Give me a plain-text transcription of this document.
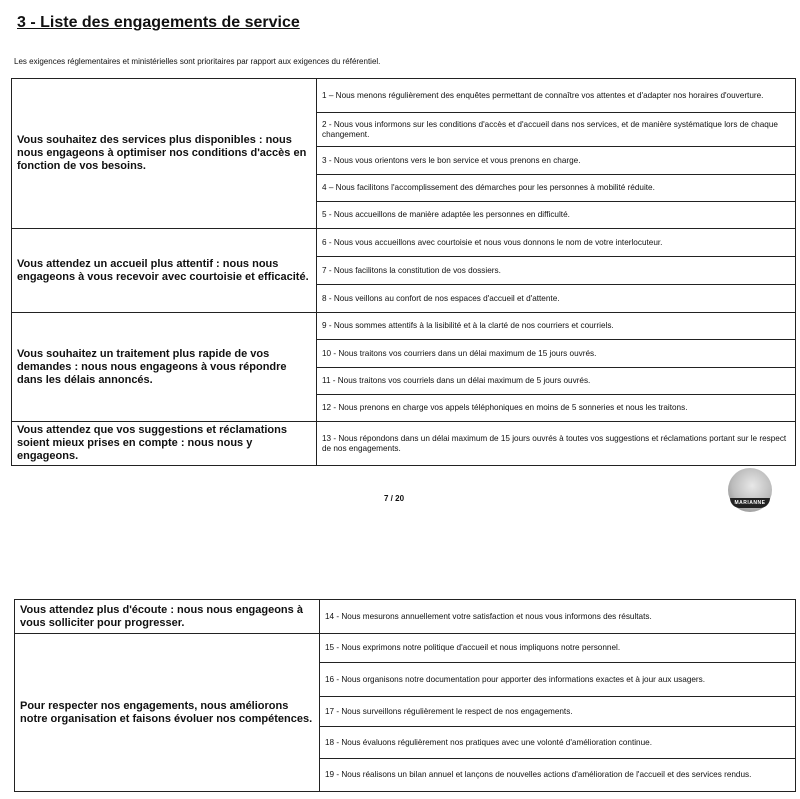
3 - Liste des engagements de service
Les exigences réglementaires et ministérielles sont prioritaires par rapport aux exigences du référentiel.
Vous souhaitez des services plus disponibles : nous nous engageons à optimiser nos conditions d'accès en fonction de vos besoins.	1 – Nous menons régulièrement des enquêtes permettant de connaître vos attentes et d'adapter nos horaires d'ouverture.
	2 - Nous vous informons sur les conditions d'accès et d'accueil dans nos services, et de manière systématique lors de chaque changement.
	3 - Nous vous orientons vers le bon service et vous prenons en charge.
	4 – Nous facilitons l'accomplissement des démarches pour les personnes à mobilité réduite.
	5 - Nous accueillons de manière adaptée les personnes en difficulté.
Vous attendez un accueil plus attentif : nous nous engageons à vous recevoir avec courtoisie et efficacité.	6 - Nous vous accueillons avec courtoisie et nous vous donnons le nom de votre interlocuteur.
	7 - Nous facilitons la constitution de vos dossiers.
	8 - Nous veillons au confort de nos espaces d'accueil et d'attente.
Vous souhaitez un traitement plus rapide de vos demandes : nous nous engageons à vous répondre dans les délais annoncés.	9 - Nous sommes attentifs à la lisibilité et à la clarté de nos courriers et courriels.
	10 - Nous traitons vos courriers dans un délai maximum de 15 jours ouvrés.
	11 - Nous traitons vos courriels dans un délai maximum de 5 jours ouvrés.
	12 - Nous prenons en charge vos appels téléphoniques en moins de 5 sonneries et nous les traitons.
Vous attendez que vos suggestions et réclamations soient mieux prises en compte : nous nous y engageons.	13 - Nous répondons dans un délai maximum de 15 jours ouvrés à toutes vos suggestions et réclamations portant sur le respect de nos engagements.
7 / 20	MARIANNE
Vous attendez plus d'écoute : nous nous engageons à vous solliciter pour progresser.	14 - Nous mesurons annuellement votre satisfaction et nous vous informons des résultats.
Pour respecter nos engagements, nous améliorons notre organisation et faisons évoluer nos compétences.	15 - Nous exprimons notre politique d'accueil et nous impliquons notre personnel.
	16 - Nous organisons notre documentation pour apporter des informations exactes et à jour aux usagers.
	17 - Nous surveillons régulièrement le respect de nos engagements.
	18 - Nous évaluons régulièrement nos pratiques avec une volonté d'amélioration continue.
	19 - Nous réalisons un bilan annuel et lançons de nouvelles actions d'amélioration de l'accueil et des services rendus.
